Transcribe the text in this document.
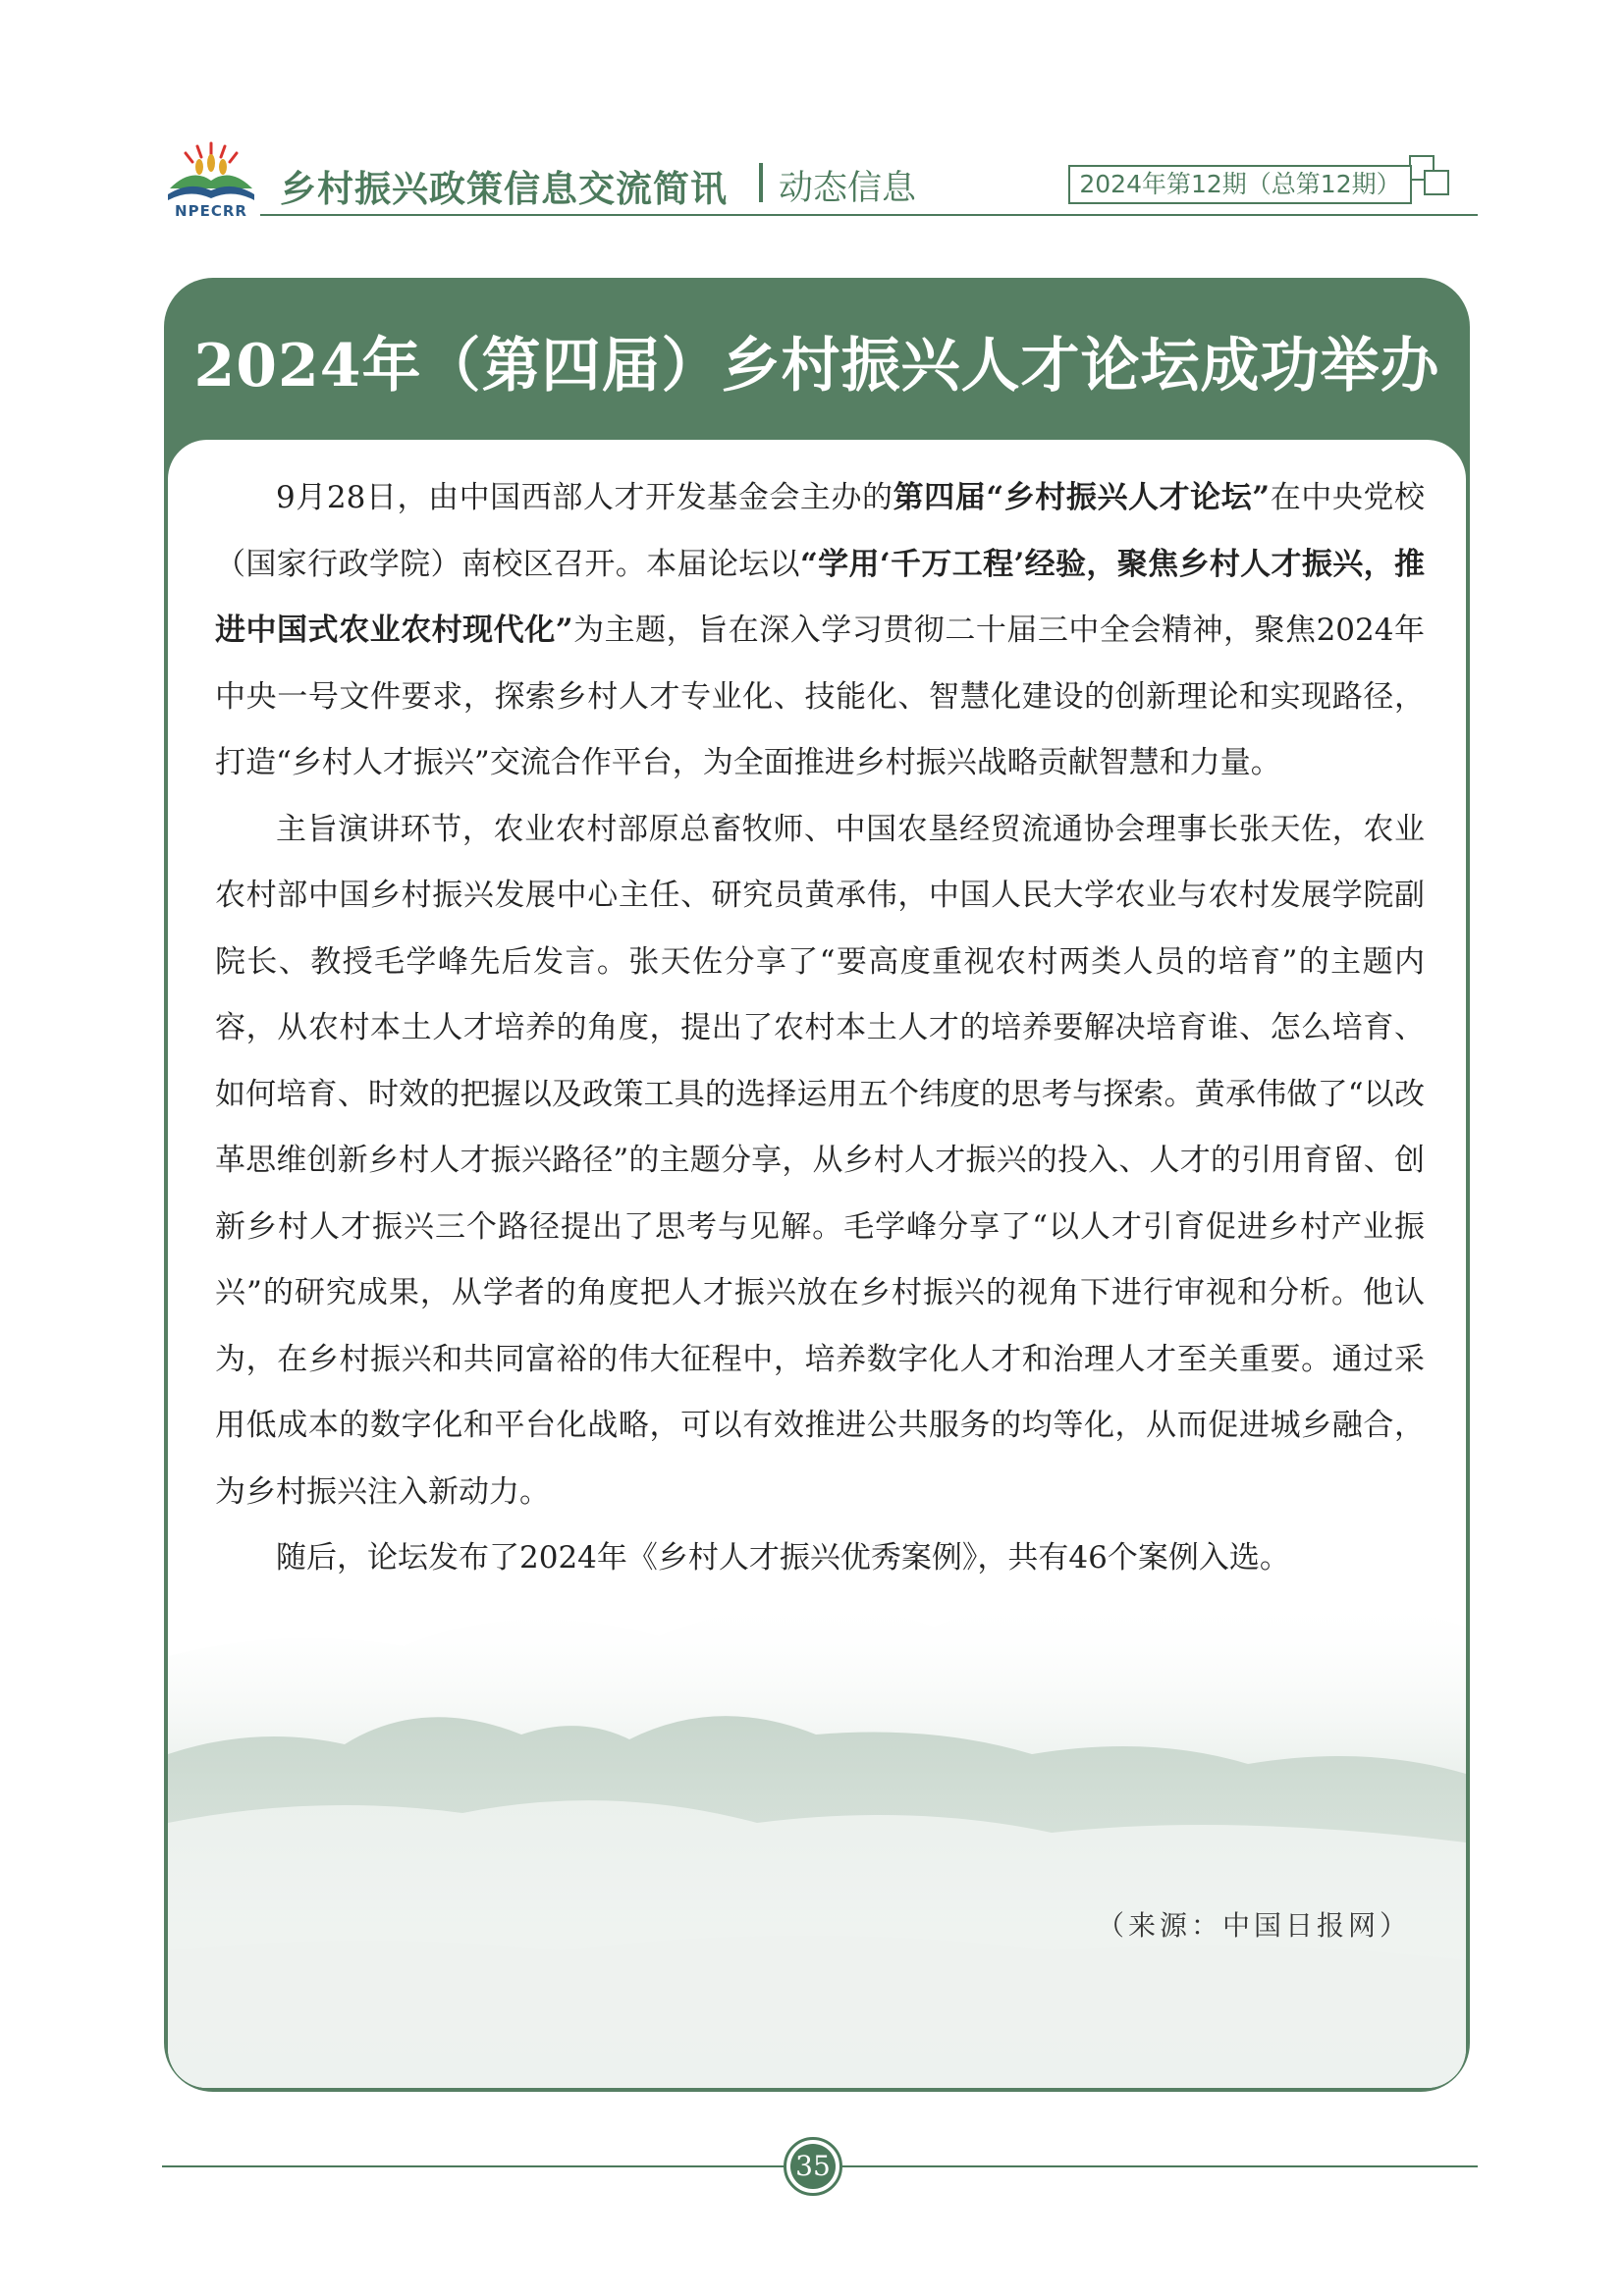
NPECRR
乡村振兴政策信息交流简讯 动态信息	2024年第12期（总第12期）
2024年（第四届）乡村振兴人才论坛成功举办

9月28日，由中国西部人才开发基金会主办的第四届“乡村振兴人才论坛”在中央党校（国家行政学院）南校区召开。本届论坛以“学用‘千万工程’经验，聚焦乡村人才振兴，推进中国式农业农村现代化”为主题，旨在深入学习贯彻二十届三中全会精神，聚焦2024年中央一号文件要求，探索乡村人才专业化、技能化、智慧化建设的创新理论和实现路径，打造“乡村人才振兴”交流合作平台，为全面推进乡村振兴战略贡献智慧和力量。

主旨演讲环节，农业农村部原总畜牧师、中国农垦经贸流通协会理事长张天佐，农业农村部中国乡村振兴发展中心主任、研究员黄承伟，中国人民大学农业与农村发展学院副院长、教授毛学峰先后发言。张天佐分享了“要高度重视农村两类人员的培育”的主题内容，从农村本土人才培养的角度，提出了农村本土人才的培养要解决培育谁、怎么培育、如何培育、时效的把握以及政策工具的选择运用五个纬度的思考与探索。黄承伟做了“以改革思维创新乡村人才振兴路径”的主题分享，从乡村人才振兴的投入、人才的引用育留、创新乡村人才振兴三个路径提出了思考与见解。毛学峰分享了“以人才引育促进乡村产业振兴”的研究成果，从学者的角度把人才振兴放在乡村振兴的视角下进行审视和分析。他认为，在乡村振兴和共同富裕的伟大征程中，培养数字化人才和治理人才至关重要。通过采用低成本的数字化和平台化战略，可以有效推进公共服务的均等化，从而促进城乡融合，为乡村振兴注入新动力。

随后，论坛发布了2024年《乡村人才振兴优秀案例》，共有46个案例入选。

（来源：中国日报网）
35
